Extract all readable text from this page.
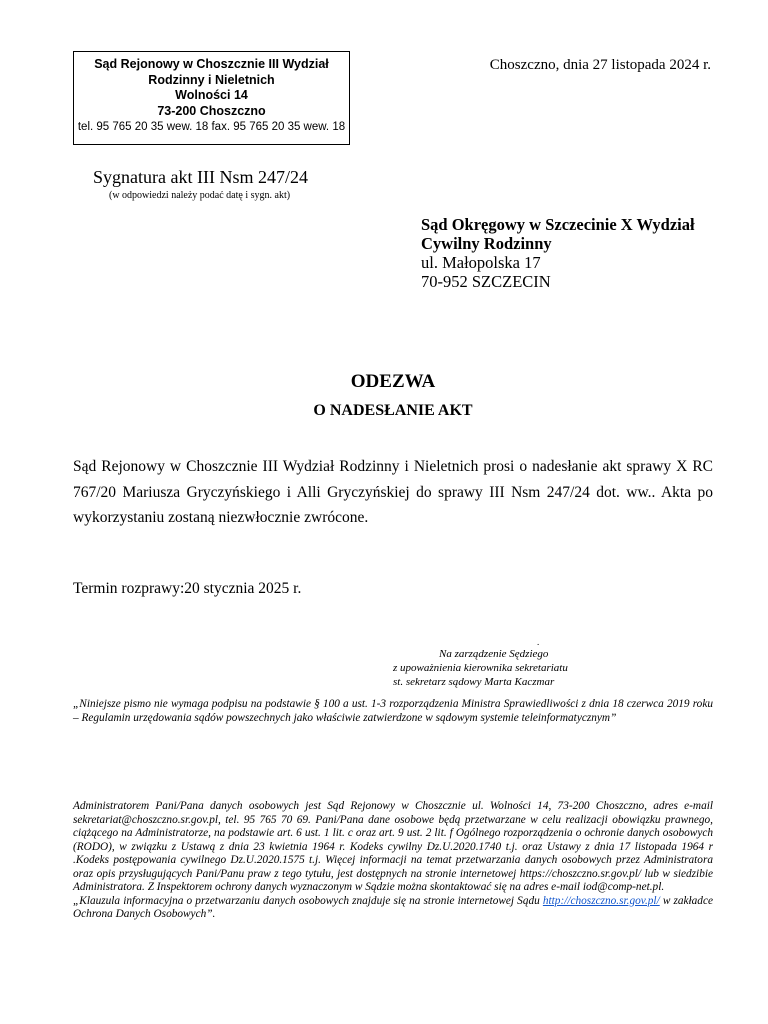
Sąd Rejonowy w Choszcznie III Wydział
Rodzinny i Nieletnich
Wolności 14
73-200 Choszczno
tel. 95 765 20 35 wew. 18 fax. 95 765 20 35 wew. 18
Choszczno, dnia 27 listopada 2024 r.
Sygnatura akt III Nsm 247/24
(w odpowiedzi należy podać datę i sygn. akt)
Sąd Okręgowy w Szczecinie X Wydział
Cywilny Rodzinny
ul. Małopolska 17
70-952 SZCZECIN
ODEZWA
O NADESŁANIE AKT
Sąd Rejonowy w Choszcznie III Wydział Rodzinny i Nieletnich prosi o nadesłanie akt sprawy X RC 767/20 Mariusza Gryczyńskiego i Alli Gryczyńskiej do sprawy III Nsm 247/24 dot. ww.. Akta po wykorzystaniu zostaną niezwłocznie zwrócone.
Termin rozprawy:20 stycznia 2025 r.
.
Na zarządzenie Sędziego
z upoważnienia kierownika sekretariatu
st. sekretarz sądowy Marta Kaczmar
„Niniejsze pismo nie wymaga podpisu na podstawie § 100 a ust. 1-3 rozporządzenia Ministra Sprawiedliwości z dnia 18 czerwca 2019 roku – Regulamin urzędowania sądów powszechnych jako właściwie zatwierdzone w sądowym systemie teleinformatycznym”
Administratorem Pani/Pana danych osobowych jest Sąd Rejonowy w Choszcznie ul. Wolności 14, 73-200 Choszczno, adres e-mail sekretariat@choszczno.sr.gov.pl, tel. 95 765 70 69. Pani/Pana dane osobowe będą przetwarzane w celu realizacji obowiązku prawnego, ciążącego na Administratorze, na podstawie art. 6 ust. 1 lit. c oraz art. 9 ust. 2 lit. f Ogólnego rozporządzenia o ochronie danych osobowych (RODO), w związku z Ustawą z dnia 23 kwietnia 1964 r. Kodeks cywilny Dz.U.2020.1740 t.j. oraz Ustawy z dnia 17 listopada 1964 r .Kodeks postępowania cywilnego Dz.U.2020.1575 t.j. Więcej informacji na temat przetwarzania danych osobowych przez Administratora oraz opis przysługujących Pani/Panu praw z tego tytułu, jest dostępnych na stronie internetowej https://choszczno.sr.gov.pl/ lub w siedzibie Administratora. Z Inspektorem ochrony danych wyznaczonym w Sądzie można skontaktować się na adres e-mail iod@comp-net.pl.
„Klauzula informacyjna o przetwarzaniu danych osobowych znajduje się na stronie internetowej Sądu http://choszczno.sr.gov.pl/ w zakładce Ochrona Danych Osobowych”.
